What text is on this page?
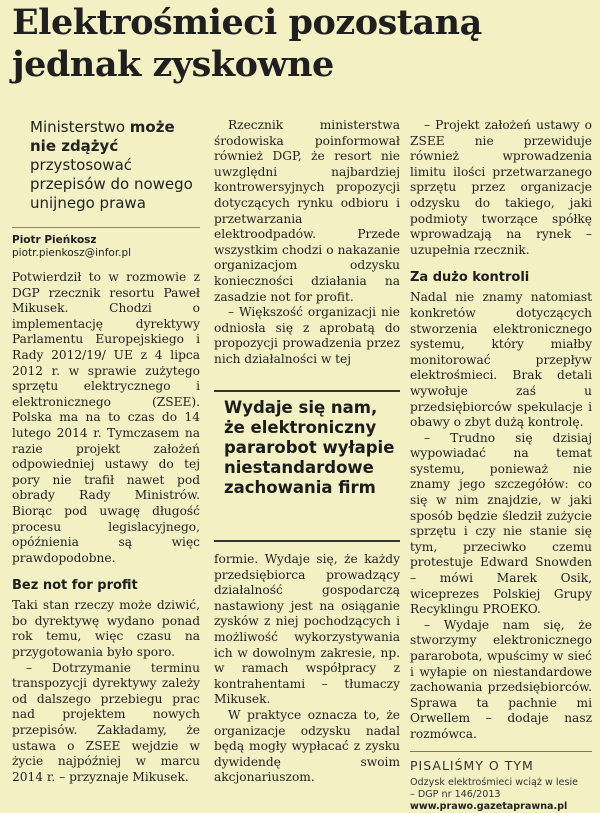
Elektrośmieci pozostaną jednak zyskowne
Ministerstwo może nie zdążyć przystosować przepisów do nowego unijnego prawa
Piotr Pieńkosz
piotr.pienkosz@infor.pl

Potwierdził to w rozmowie z DGP rzecznik resortu Paweł Mikusek. Chodzi o implementację dyrektywy Parlamentu Europejskiego i Rady 2012/19/ UE z 4 lipca 2012 r. w sprawie zużytego sprzętu elektrycznego i elektronicznego (ZSEE). Polska ma na to czas do 14 lutego 2014 r. Tymczasem na razie projekt założeń odpowiedniej ustawy do tej pory nie trafił nawet pod obrady Rady Ministrów. Biorąc pod uwagę długość procesu legislacyjnego, opóźnienia są więc prawdopodobne.

Bez not for profit

Taki stan rzeczy może dziwić, bo dyrektywę wydano ponad rok temu, więc czasu na przygotowania było sporo.

– Dotrzymanie terminu transpozycji dyrektywy zależy od dalszego przebiegu prac nad projektem nowych przepisów. Zakładamy, że ustawa o ZSEE wejdzie w życie najpóźniej w marcu 2014 r. – przyznaje Mikusek.

Rzecznik ministerstwa środowiska poinformował również DGP, że resort nie uwzględni najbardziej kontrowersyjnych propozycji dotyczących rynku odbioru i przetwarzania elektroodpadów. Przede wszystkim chodzi o nakazanie organizacjom odzysku konieczności działania na zasadzie not for profit.

– Większość organizacji nie odniosła się z aprobatą do propozycji prowadzenia przez nich działalności w tej

Wydaje się nam, że elektroniczny pararobot wyłapie niestandardowe zachowania firm

formie. Wydaje się, że każdy przedsiębiorca prowadzący działalność gospodarczą nastawiony jest na osiąganie zysków z niej pochodzących i możliwość wykorzystywania ich w dowolnym zakresie, np. w ramach współpracy z kontrahentami – tłumaczy Mikusek.

W praktyce oznacza to, że organizacje odzysku nadal będą mogły wypłacać z zysku dywidendę swoim akcjonariuszom.

– Projekt założeń ustawy o ZSEE nie przewiduje również wprowadzenia limitu ilości przetwarzanego sprzętu przez organizacje odzysku do takiego, jaki podmioty tworzące spółkę wprowadzają na rynek – uzupełnia rzecznik.

Za dużo kontroli

Nadal nie znamy natomiast konkretów dotyczących stworzenia elektronicznego systemu, który miałby monitorować przepływ elektrośmieci. Brak detali wywołuje zaś u przedsiębiorców spekulacje i obawy o zbyt dużą kontrolę.

– Trudno się dzisiaj wypowiadać na temat systemu, ponieważ nie znamy jego szczegółów: co się w nim znajdzie, w jaki sposób będzie śledził zużycie sprzętu i czy nie stanie się tym, przeciwko czemu protestuje Edward Snowden – mówi Marek Osik, wiceprezes Polskiej Grupy Recyklingu PROEKO.

– Wydaje nam się, że stworzymy elektronicznego pararobota, wpuścimy w sieć i wyłapie on niestandardowe zachowania przedsiębiorców. Sprawa ta pachnie mi Orwellem – dodaje nasz rozmówca.

PISALIŚMY O TYM
Odzysk elektrośmieci wciąż w lesie
– DGP nr 146/2013
www.prawo.gazetaprawna.pl
